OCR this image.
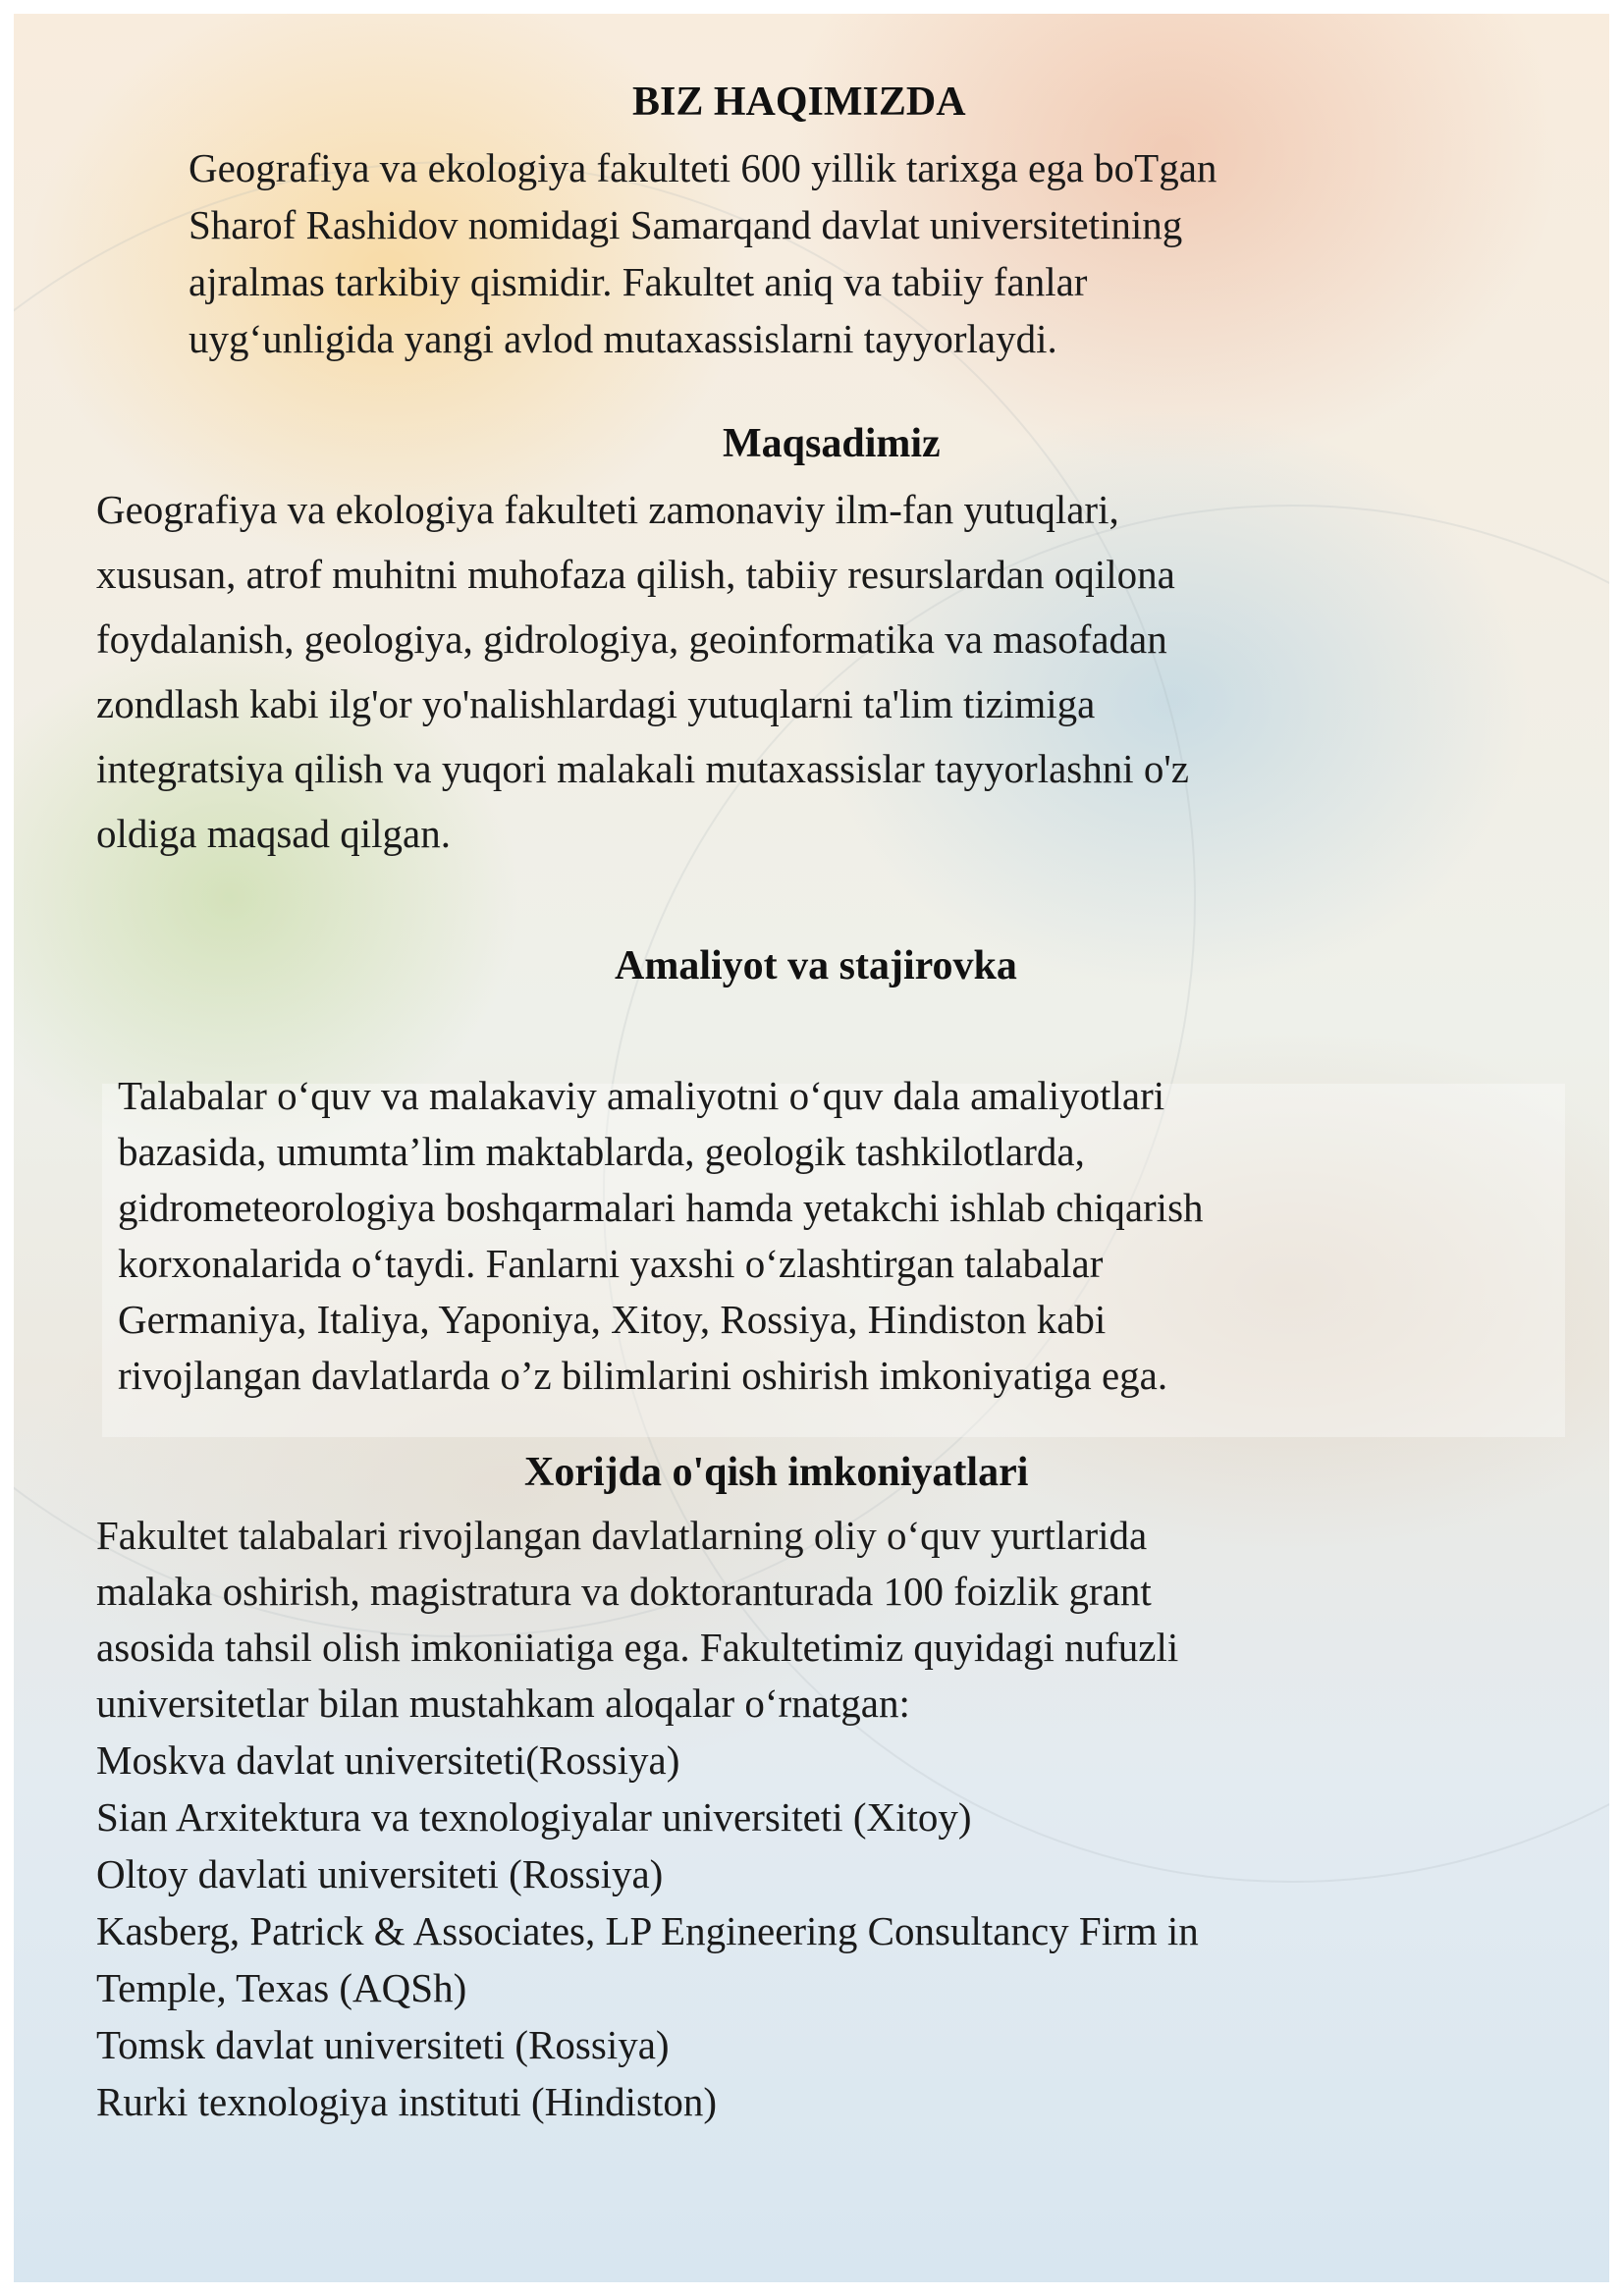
BIZ HAQIMIZDA
Geografiya va ekologiya fakulteti 600 yillik tarixga ega boTgan
Sharof Rashidov nomidagi Samarqand davlat universitetining
ajralmas tarkibiy qismidir. Fakultet aniq va tabiiy fanlar
uyg‘unligida yangi avlod mutaxassislarni tayyorlaydi.
Maqsadimiz
Geografiya va ekologiya fakulteti zamonaviy ilm-fan yutuqlari,
xususan, atrof muhitni muhofaza qilish, tabiiy resurslardan oqilona
foydalanish, geologiya, gidrologiya, geoinformatika va masofadan
zondlash kabi ilg'or yo'nalishlardagi yutuqlarni ta'lim tizimiga
integratsiya qilish va yuqori malakali mutaxassislar tayyorlashni o'z
oldiga maqsad qilgan.
Amaliyot va stajirovka
Talabalar o‘quv va malakaviy amaliyotni o‘quv dala amaliyotlari
bazasida, umumta’lim maktablarda, geologik tashkilotlarda,
gidrometeorologiya boshqarmalari hamda yetakchi ishlab chiqarish
korxonalarida o‘taydi. Fanlarni yaxshi o‘zlashtirgan talabalar
Germaniya, Italiya, Yaponiya, Xitoy, Rossiya, Hindiston kabi
rivojlangan davlatlarda o’z bilimlarini oshirish imkoniyatiga ega.
Xorijda o'qish imkoniyatlari
Fakultet talabalari rivojlangan davlatlarning oliy o‘quv yurtlarida
malaka oshirish, magistratura va doktoranturada 100 foizlik grant
asosida tahsil olish imkoniiatiga ega. Fakultetimiz quyidagi nufuzli
universitetlar bilan mustahkam aloqalar o‘rnatgan:
Moskva davlat universiteti(Rossiya)
Sian Arxitektura va texnologiyalar universiteti (Xitoy)
Oltoy davlati universiteti (Rossiya)
Kasberg, Patrick & Associates, LP Engineering Consultancy Firm in
Temple, Texas (AQSh)
Tomsk davlat universiteti (Rossiya)
Rurki texnologiya instituti (Hindiston)
